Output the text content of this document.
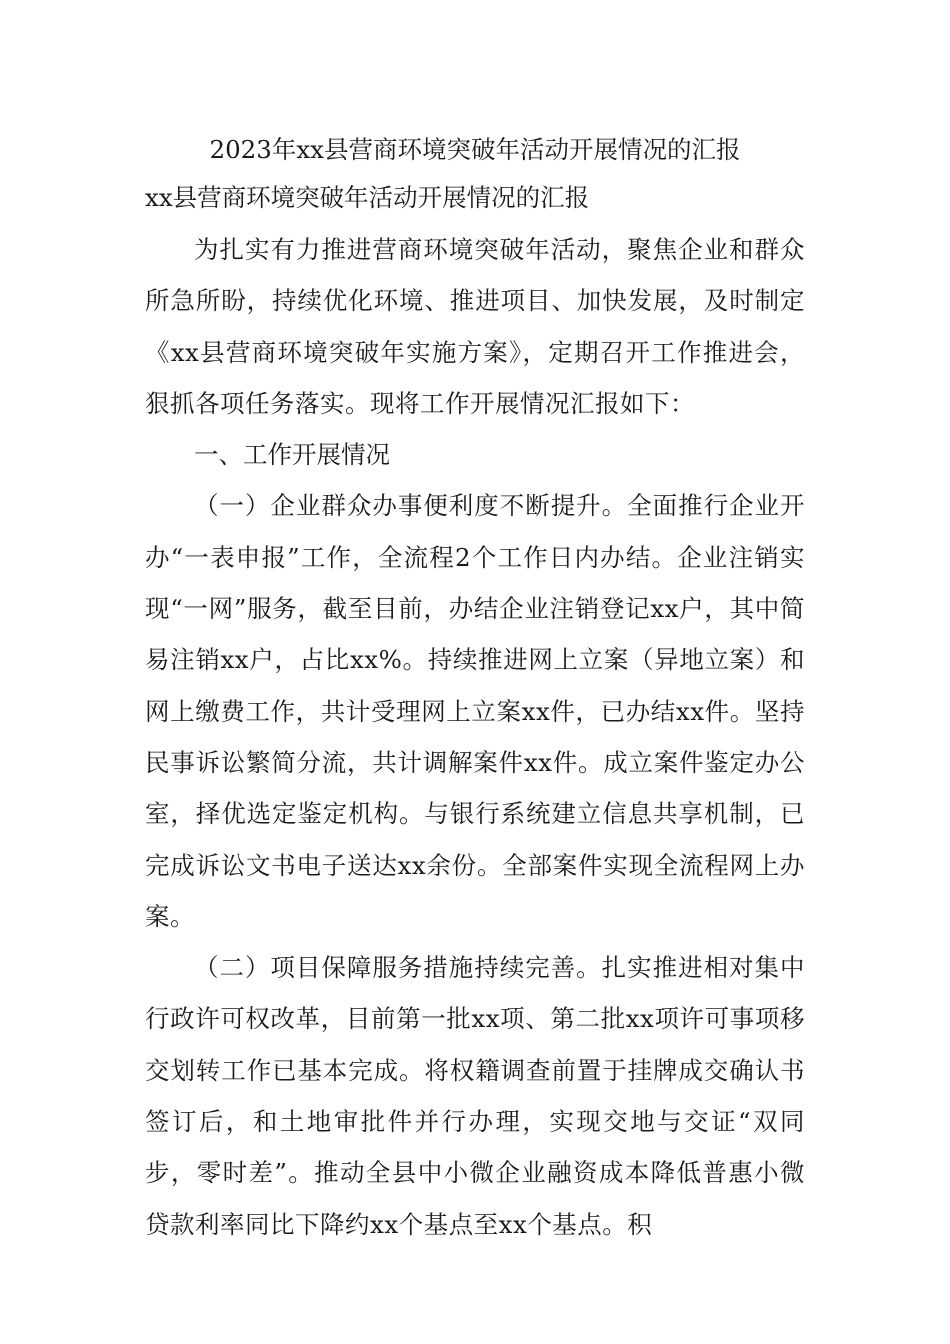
2023年xx县营商环境突破年活动开展情况的汇报
xx县营商环境突破年活动开展情况的汇报

为扎实有力推进营商环境突破年活动，聚焦企业和群众所急所盼，持续优化环境、推进项目、加快发展，及时制定《xx县营商环境突破年实施方案》，定期召开工作推进会，狠抓各项任务落实。现将工作开展情况汇报如下：

一、工作开展情况

（一）企业群众办事便利度不断提升。全面推行企业开办“一表申报”工作，全流程2个工作日内办结。企业注销实现“一网”服务，截至目前，办结企业注销登记xx户，其中简易注销xx户，占比xx%。持续推进网上立案（异地立案）和网上缴费工作，共计受理网上立案xx件，已办结xx件。坚持民事诉讼繁简分流，共计调解案件xx件。成立案件鉴定办公室，择优选定鉴定机构。与银行系统建立信息共享机制，已完成诉讼文书电子送达xx余份。全部案件实现全流程网上办案。

（二）项目保障服务措施持续完善。扎实推进相对集中行政许可权改革，目前第一批xx项、第二批xx项许可事项移交划转工作已基本完成。将权籍调查前置于挂牌成交确认书签订后，和土地审批件并行办理，实现交地与交证“双同步，零时差”。推动全县中小微企业融资成本降低普惠小微贷款利率同比下降约xx个基点至xx个基点。积
